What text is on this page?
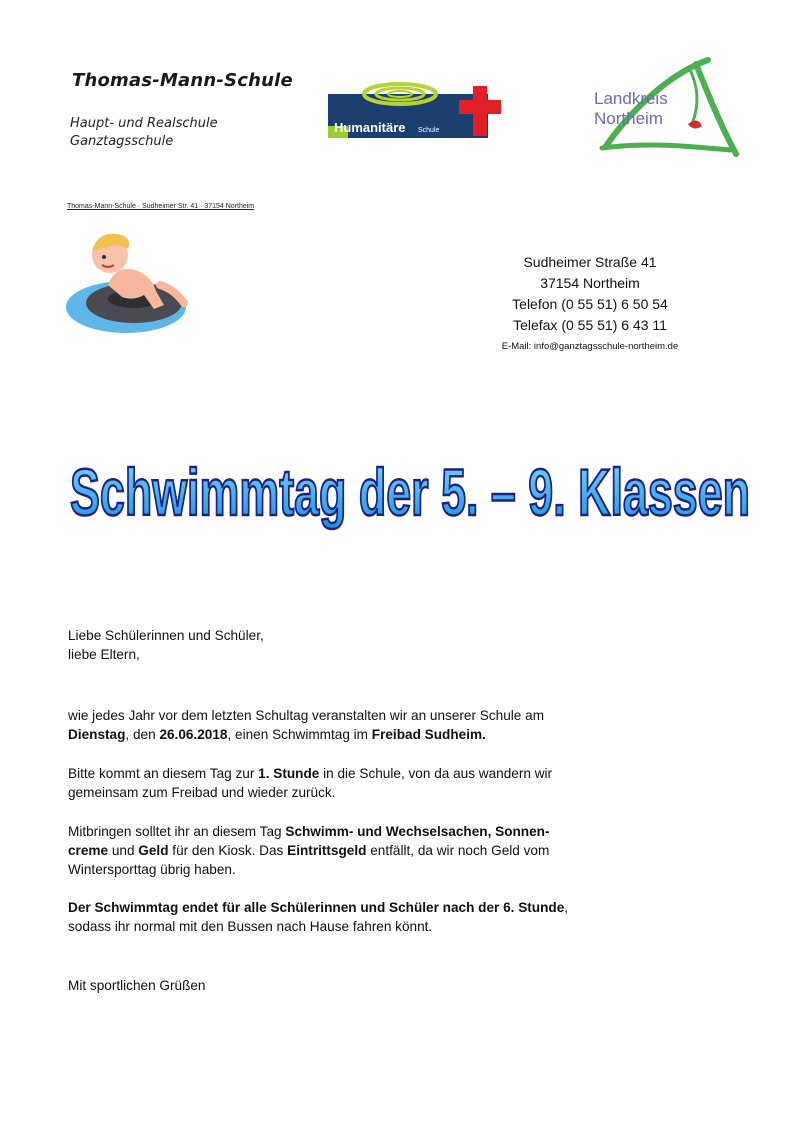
Thomas-Mann-Schule
Haupt- und Realschule
Ganztagsschule
Humanitäre Schule
Landkreis
Northeim
Thomas-Mann-Schule · Sudheimer Str. 41 · 37154 Northeim
Sudheimer Straße 41
37154 Northeim
Telefon (0 55 51) 6 50 54
Telefax (0 55 51) 6 43 11
E-Mail: info@ganztagsschule-northeim.de
Schwimmtag der 5. – 9. Klassen

Liebe Schülerinnen und Schüler,

liebe Eltern,

wie jedes Jahr vor dem letzten Schultag veranstalten wir an unserer Schule am

Dienstag, den 26.06.2018, einen Schwimmtag im Freibad Sudheim.

Bitte kommt an diesem Tag zur 1. Stunde in die Schule, von da aus wandern wir

gemeinsam zum Freibad und wieder zurück.

Mitbringen solltet ihr an diesem Tag Schwimm- und Wechselsachen, Sonnen-

creme und Geld für den Kiosk. Das Eintrittsgeld entfällt, da wir noch Geld vom

Wintersporttag übrig haben.

Der Schwimmtag endet für alle Schülerinnen und Schüler nach der 6. Stunde,

sodass ihr normal mit den Bussen nach Hause fahren könnt.

Mit sportlichen Grüßen
